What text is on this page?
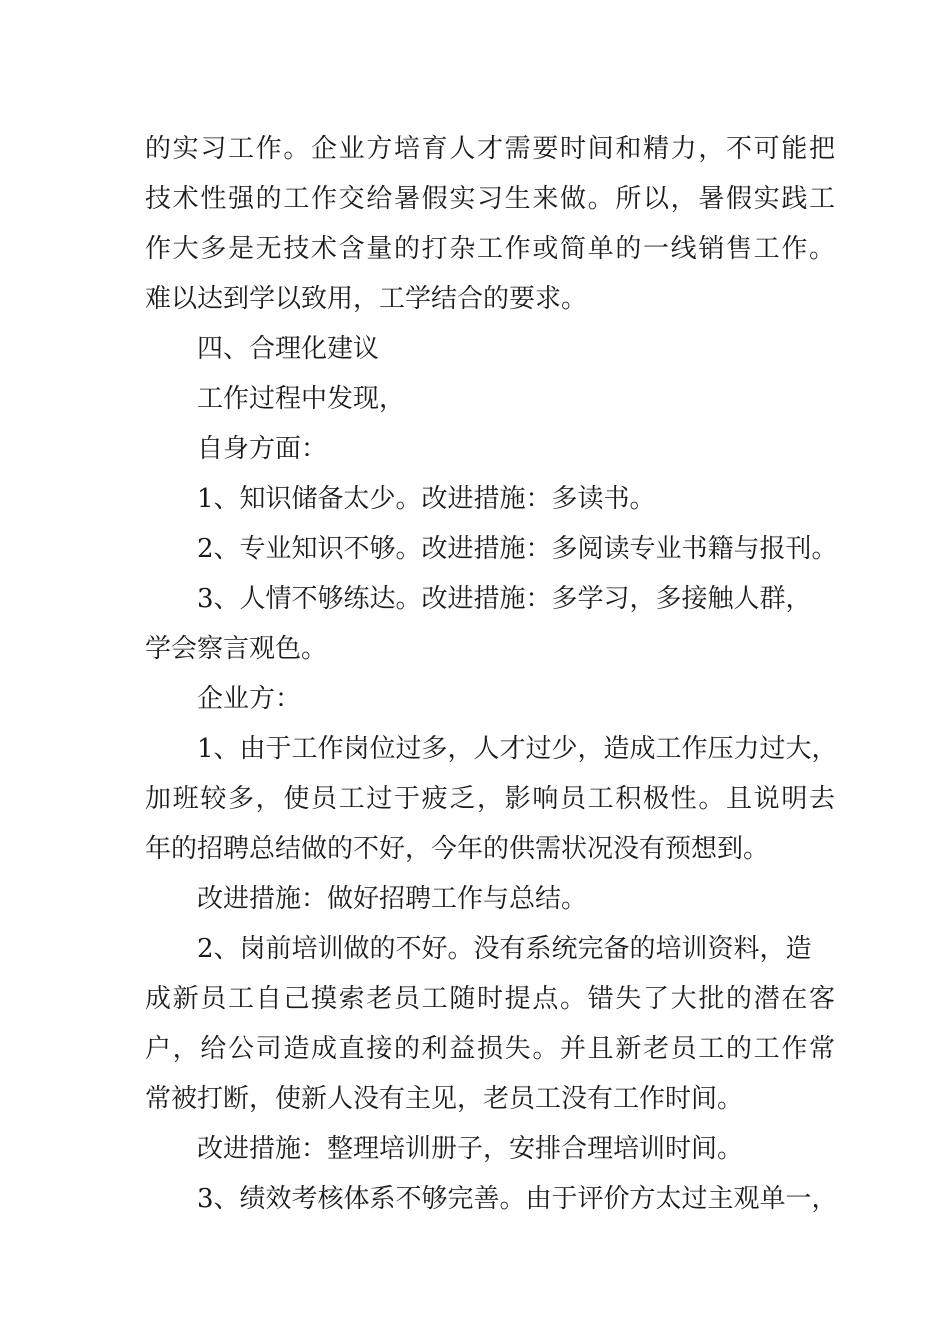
的实习工作。企业方培育人才需要时间和精力，不可能把
技术性强的工作交给暑假实习生来做。所以，暑假实践工
作大多是无技术含量的打杂工作或简单的一线销售工作。
难以达到学以致用，工学结合的要求。
四、合理化建议
工作过程中发现，
自身方面：
1、知识储备太少。改进措施：多读书。
2、专业知识不够。改进措施：多阅读专业书籍与报刊。
3、人情不够练达。改进措施：多学习，多接触人群，
学会察言观色。
企业方：
1、由于工作岗位过多，人才过少，造成工作压力过大，
加班较多，使员工过于疲乏，影响员工积极性。且说明去
年的招聘总结做的不好，今年的供需状况没有预想到。
改进措施：做好招聘工作与总结。
2、岗前培训做的不好。没有系统完备的培训资料，造
成新员工自己摸索老员工随时提点。错失了大批的潜在客
户，给公司造成直接的利益损失。并且新老员工的工作常
常被打断，使新人没有主见，老员工没有工作时间。
改进措施：整理培训册子，安排合理培训时间。
3、绩效考核体系不够完善。由于评价方太过主观单一，
